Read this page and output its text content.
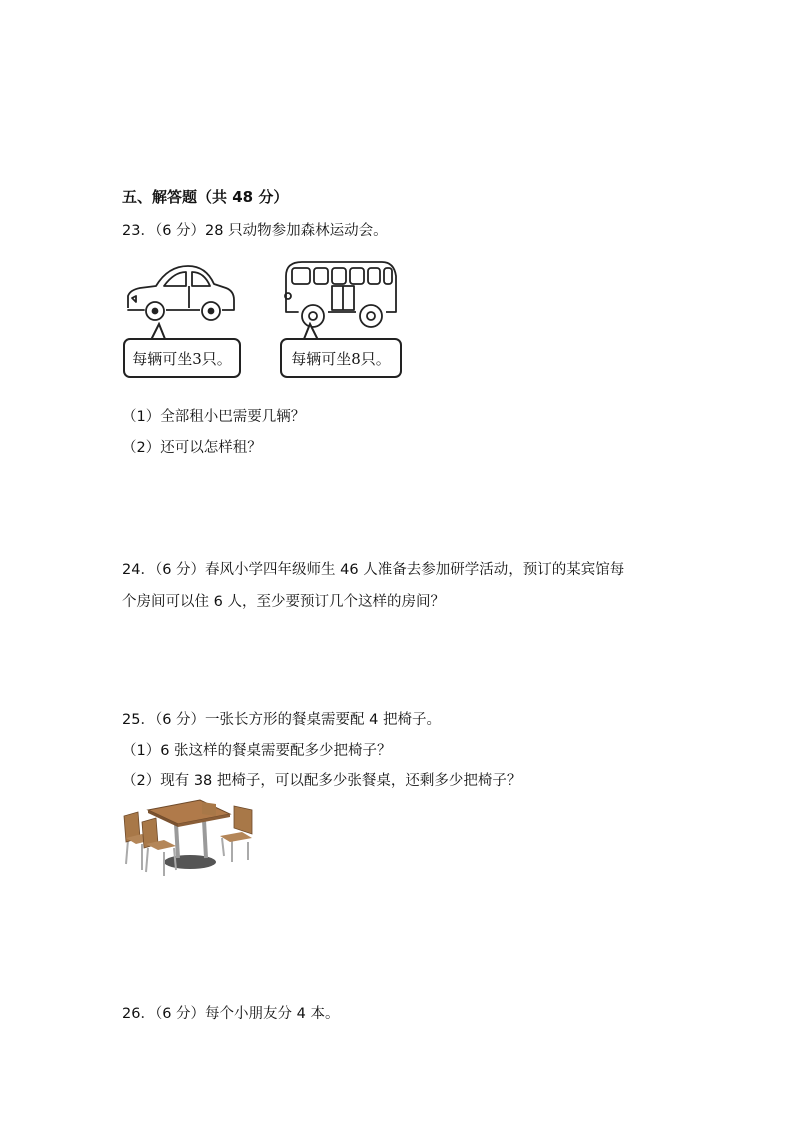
五、解答题（共 48 分）
23．（6 分）28 只动物参加森林运动会。
每辆可坐3只。	每辆可坐8只。
（1）全部租小巴需要几辆？
（2）还可以怎样租？
24．（6 分）春风小学四年级师生 46 人准备去参加研学活动，预订的某宾馆每
个房间可以住 6 人，至少要预订几个这样的房间？
25．（6 分）一张长方形的餐桌需要配 4 把椅子。
（1）6 张这样的餐桌需要配多少把椅子？
（2）现有 38 把椅子，可以配多少张餐桌，还剩多少把椅子？
26．（6 分）每个小朋友分 4 本。
